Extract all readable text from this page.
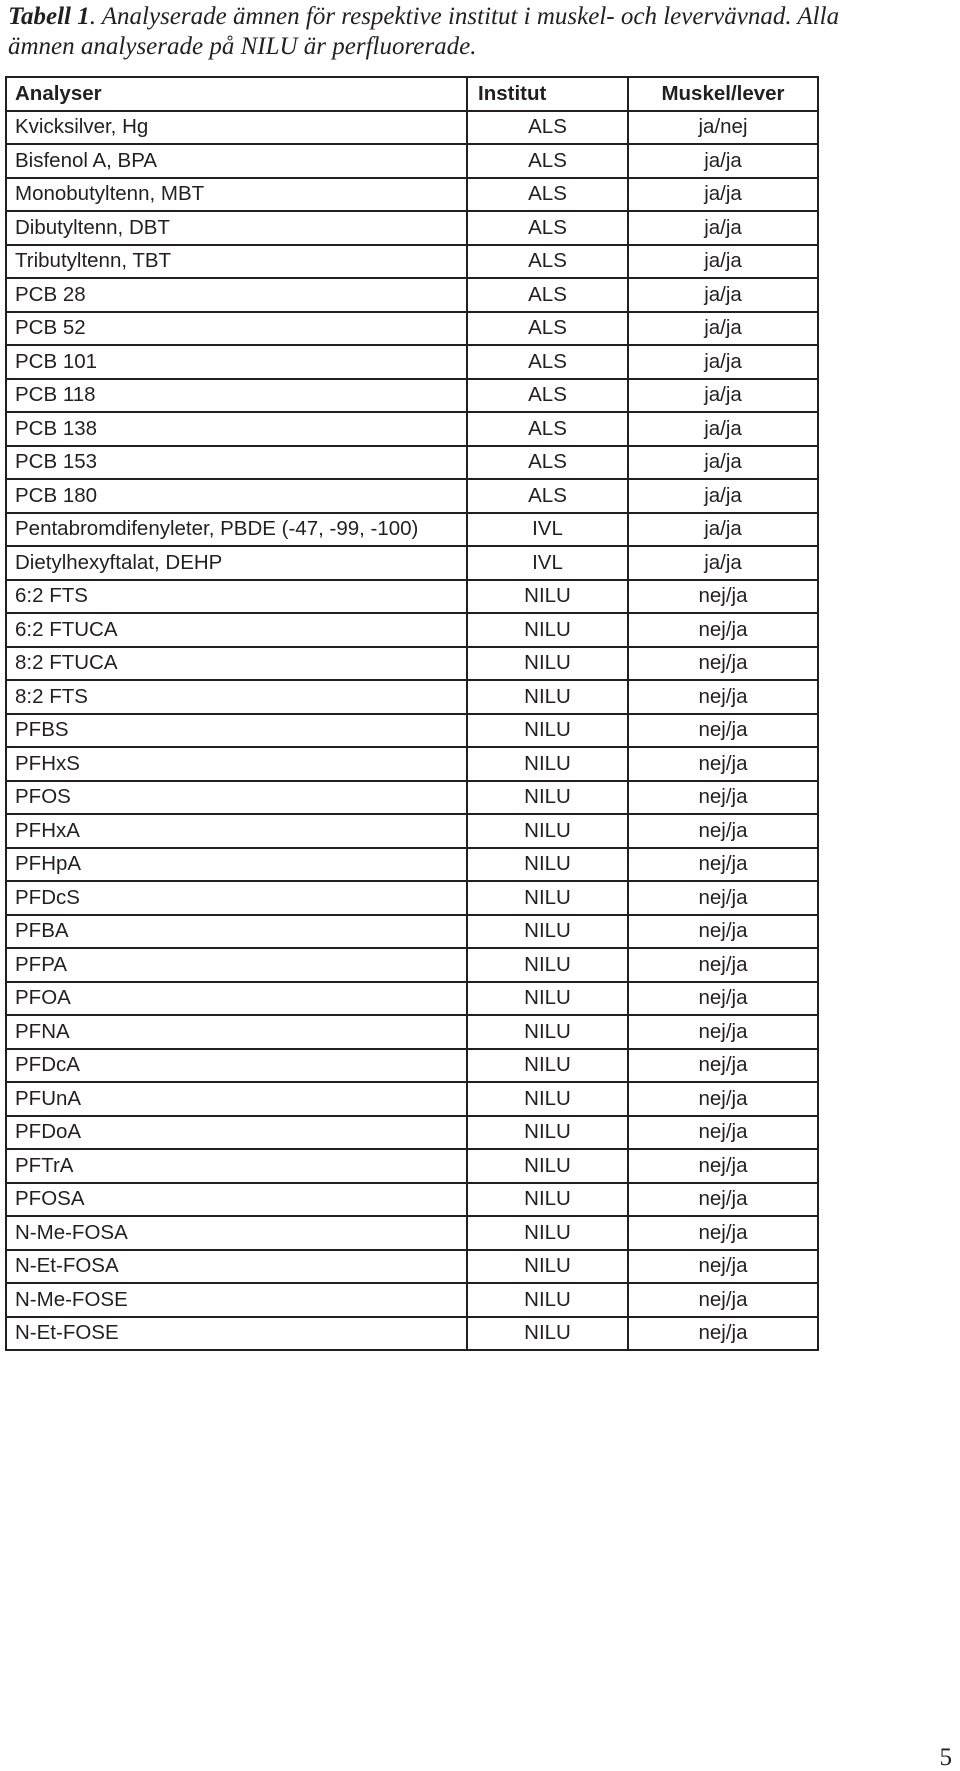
Tabell 1. Analyserade ämnen för respektive institut i muskel- och levervävnad. Alla ämnen analyserade på NILU är perfluorerade.

Analyser	Institut	Muskel/lever
Kvicksilver, Hg	ALS	ja/nej
Bisfenol A, BPA	ALS	ja/ja
Monobutyltenn, MBT	ALS	ja/ja
Dibutyltenn, DBT	ALS	ja/ja
Tributyltenn, TBT	ALS	ja/ja
PCB 28	ALS	ja/ja
PCB 52	ALS	ja/ja
PCB 101	ALS	ja/ja
PCB 118	ALS	ja/ja
PCB 138	ALS	ja/ja
PCB 153	ALS	ja/ja
PCB 180	ALS	ja/ja
Pentabromdifenyleter, PBDE (-47, -99, -100)	IVL	ja/ja
Dietylhexyftalat, DEHP	IVL	ja/ja
6:2 FTS	NILU	nej/ja
6:2 FTUCA	NILU	nej/ja
8:2 FTUCA	NILU	nej/ja
8:2 FTS	NILU	nej/ja
PFBS	NILU	nej/ja
PFHxS	NILU	nej/ja
PFOS	NILU	nej/ja
PFHxA	NILU	nej/ja
PFHpA	NILU	nej/ja
PFDcS	NILU	nej/ja
PFBA	NILU	nej/ja
PFPA	NILU	nej/ja
PFOA	NILU	nej/ja
PFNA	NILU	nej/ja
PFDcA	NILU	nej/ja
PFUnA	NILU	nej/ja
PFDoA	NILU	nej/ja
PFTrA	NILU	nej/ja
PFOSA	NILU	nej/ja
N-Me-FOSA	NILU	nej/ja
N-Et-FOSA	NILU	nej/ja
N-Me-FOSE	NILU	nej/ja
N-Et-FOSE	NILU	nej/ja
5
